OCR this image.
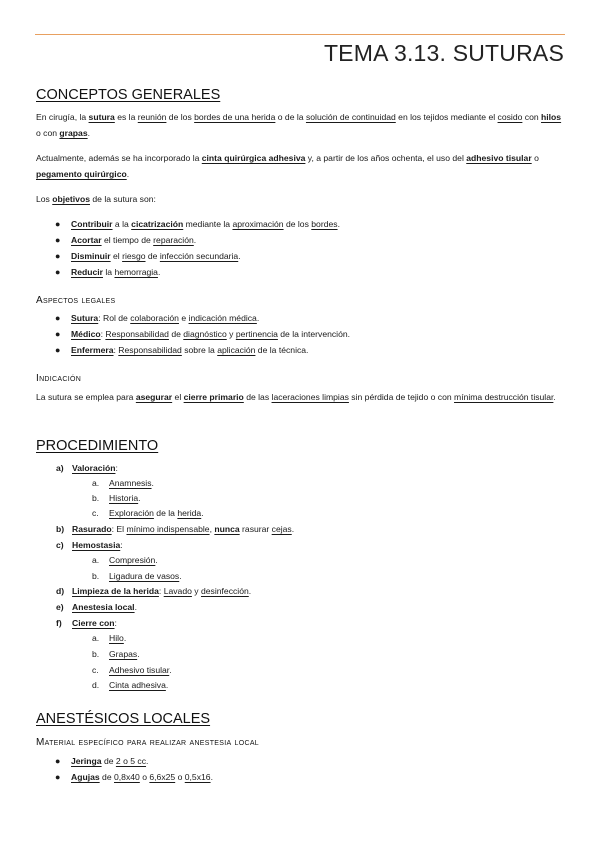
TEMA 3.13. SUTURAS
CONCEPTOS GENERALES
En cirugía, la sutura es la reunión de los bordes de una herida o de la solución de continuidad en los tejidos mediante el cosido con hilos o con grapas.
Actualmente, además se ha incorporado la cinta quirúrgica adhesiva y, a partir de los años ochenta, el uso del adhesivo tisular o pegamento quirúrgico.
Los objetivos de la sutura son:
● Contribuir a la cicatrización mediante la aproximación de los bordes.
● Acortar el tiempo de reparación.
● Disminuir el riesgo de infección secundaria.
● Reducir la hemorragia.
Aspectos legales
● Sutura: Rol de colaboración e indicación médica.
● Médico: Responsabilidad de diagnóstico y pertinencia de la intervención.
● Enfermera: Responsabilidad sobre la aplicación de la técnica.
Indicación
La sutura se emplea para asegurar el cierre primario de las laceraciones limpias sin pérdida de tejido o con mínima destrucción tisular.
PROCEDIMIENTO
a) Valoración:
a. Anamnesis.
b. Historia.
c. Exploración de la herida.
b) Rasurado: El mínimo indispensable, nunca rasurar cejas.
c) Hemostasia:
a. Compresión.
b. Ligadura de vasos.
d) Limpieza de la herida: Lavado y desinfección.
e) Anestesia local.
f) Cierre con:
a. Hilo.
b. Grapas.
c. Adhesivo tisular.
d. Cinta adhesiva.
ANESTÉSICOS LOCALES
Material específico para realizar anestesia local
● Jeringa de 2 o 5 cc.
● Agujas de 0,8x40 o 6,6x25 o 0,5x16.
